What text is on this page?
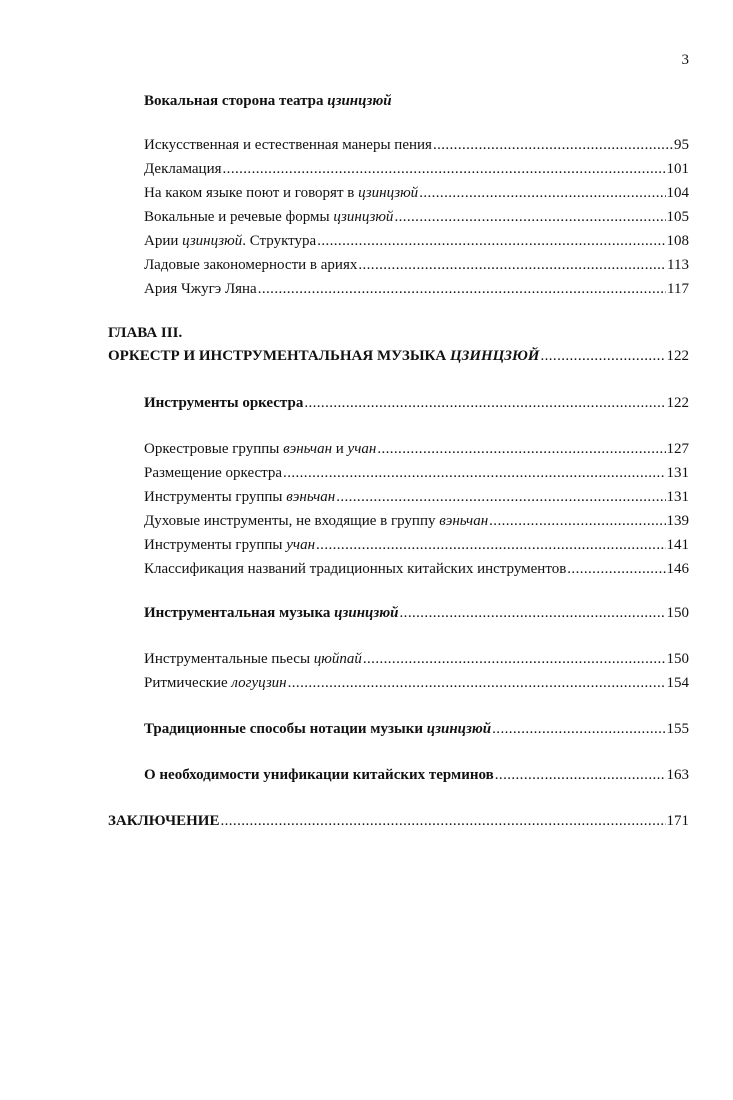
3
Вокальная сторона театра цзинцзюй
Искусственная и естественная манеры пения .....	95
Декламация .....	101
На каком языке поют и говорят в цзинцзюй .....	104
Вокальные и речевые формы цзинцзюй .....	105
Арии цзинцзюй. Структура .....	108
Ладовые закономерности в ариях .....	113
Ария Чжугэ Ляна .....	117
ГЛАВА III.
ОРКЕСТР И ИНСТРУМЕНТАЛЬНАЯ МУЗЫКА ЦЗИНЦЗЮЙ .....	122
Инструменты оркестра .....	122
Оркестровые группы вэньчан и учан .....	127
Размещение оркестра .....	131
Инструменты группы вэньчан .....	131
Духовые инструменты, не входящие в группу вэньчан .....	139
Инструменты группы учан .....	141
Классификация названий традиционных китайских инструментов .....	146
Инструментальная музыка цзинцзюй .....	150
Инструментальные пьесы цюйпай .....	150
Ритмические логуцзин .....	154
Традиционные способы нотации музыки цзинцзюй .....	155
О необходимости унификации китайских терминов .....	163
ЗАКЛЮЧЕНИЕ .....	171
